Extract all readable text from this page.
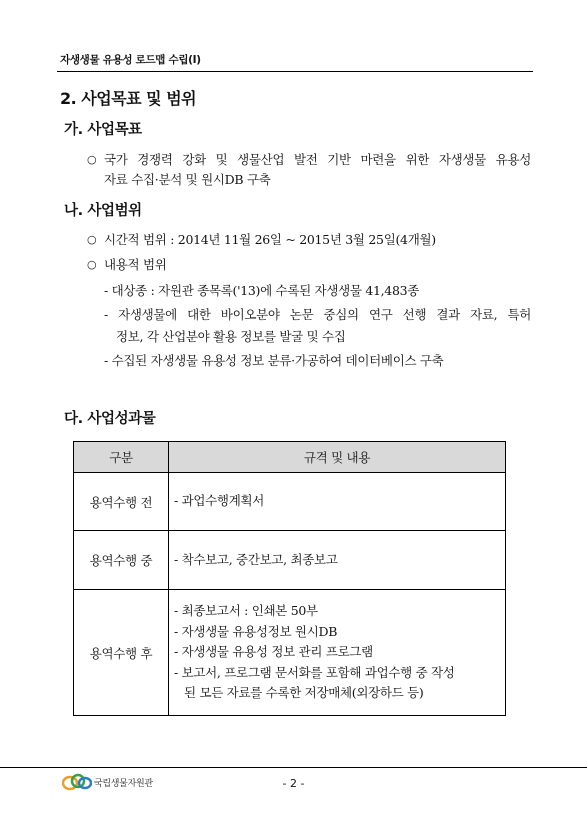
자생생물 유용성 로드맵 수립(I)
2. 사업목표 및 범위
가. 사업목표
○ 국가 경쟁력 강화 및 생물산업 발전 기반 마련을 위한 자생생물 유용성
자료 수집·분석 및 원시DB 구축
나. 사업범위
○ 시간적 범위 : 2014년 11월 26일 ~ 2015년 3월 25일(4개월)
○ 내용적 범위
- 대상종 : 자원관 종목록('13)에 수록된 자생생물 41,483종
- 자생생물에 대한 바이오분야 논문 중심의 연구 선행 결과 자료, 특허
정보, 각 산업분야 활용 정보를 발굴 및 수집
- 수집된 자생생물 유용성 정보 분류·가공하여 데이터베이스 구축
다. 사업성과물
구분	규격 및 내용
용역수행 전	- 과업수행계획서

용역수행 중	- 착수보고, 중간보고, 최종보고

용역수행 후	- 최종보고서 : 인쇄본 50부
- 자생생물 유용성정보 원시DB
- 자생생물 유용성 정보 관리 프로그램
- 보고서, 프로그램 문서화를 포함해 과업수행 중 작성
된 모든 자료를 수록한 저장매체(외장하드 등)
국립생물자원관	- 2 -
